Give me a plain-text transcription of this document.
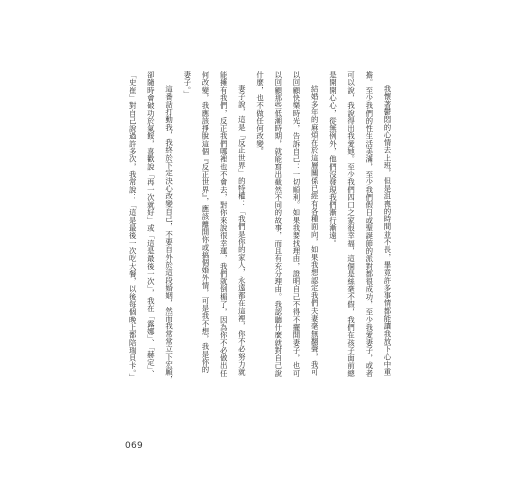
我懷著鬱悶的心情去上班，但是沮喪的時間並不長，畢竟許多事情都能讓我放下心中重
擔。至少我們的性生活美滿，至少我們假日或聖誕節的派對都很成功，至少我愛妻子，或者
可以說，我說得出我愛她。至少我們四口之家很幸福，這個是絲毫不假，我們在孩子面前總
是開開心心，從無例外，他們沒發現我們漸行漸遠。
結婚多年的麻煩在於這層關係已經有各種面向，如果我想認定我們夫妻毫無翻聲，我可
以回顧快樂時光，告訴自己：一切順利。如果我要找理由，證明自己不得不擺開妻子，也可
以回顧那些低潮時期，就能寫出截然不同的故事，而且有充分理由。我認聽什麼就對自己說
什麼，也不做任何改變。
妻子說，這是「反正世界」的特權：「我們是你的家人，永遠都在這裡，你不必努力就
能擁有我們，反正我們哪裡也不會去，對你來說很幸運，我們就倒楣了，因為你不必做出任
何改變，我應該掙脫這個『反正世界』，應該離開你或搞個婚外情，可是我不想，我是你的
妻子。」
這番話打動我，我終於下定決心改變自己，不要自外於這段婚姻，然而我常常立下宏願，
卻隨時會破功於氣餒，喜歡說「再一次就好」或「這是最後一次」，我在「露娜」、「赫定」、
「史崔」對自己說過許多次，我常說：「這是最後一次吃大餐，以後每個晚上都陪瑞貝卡。」
069
